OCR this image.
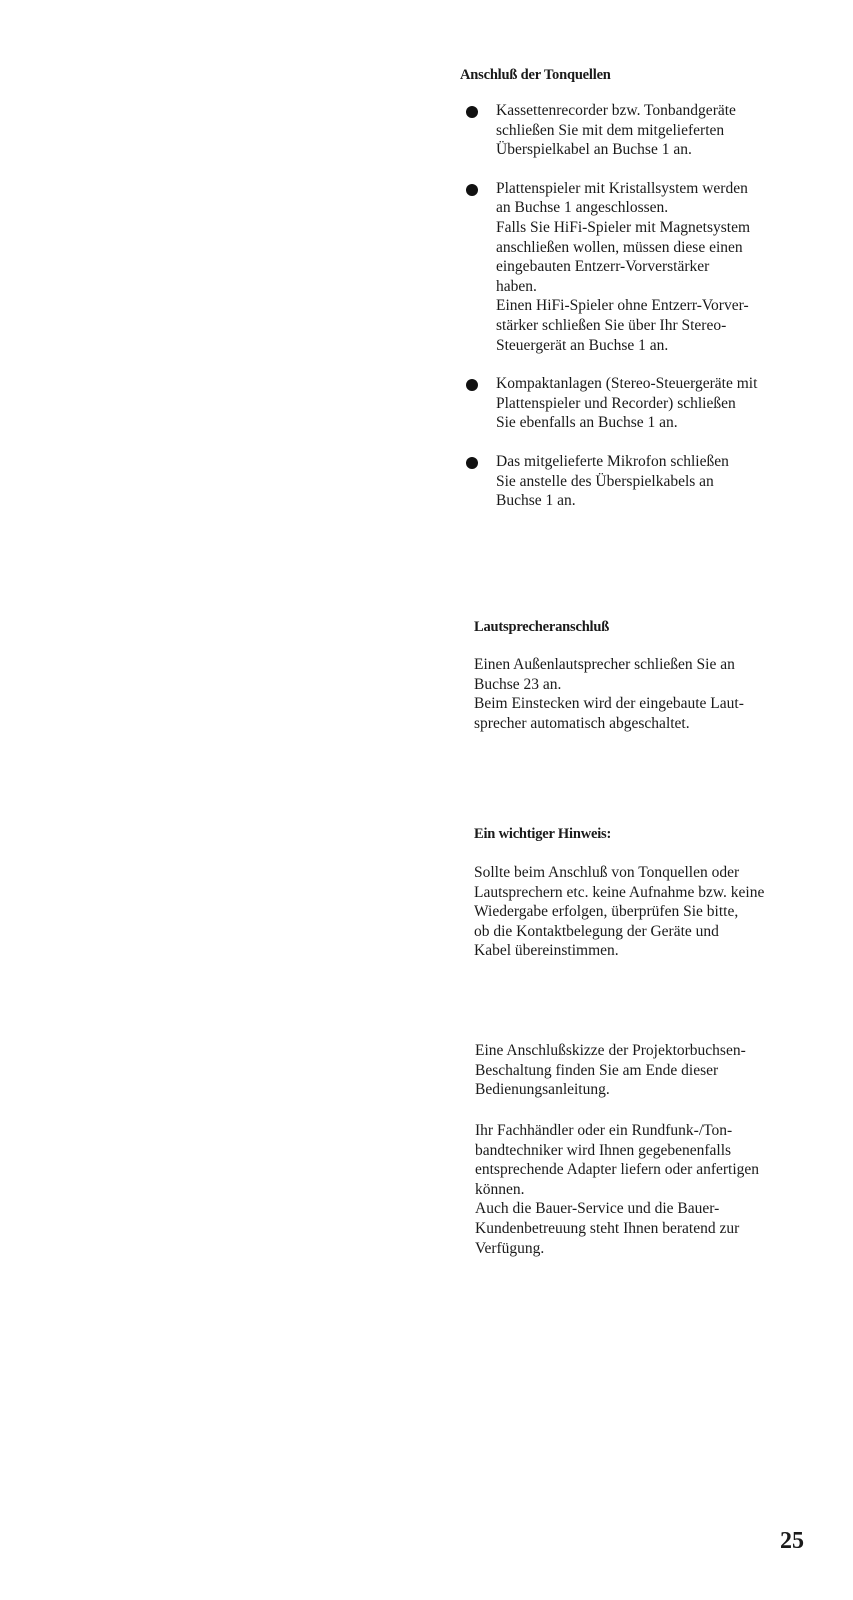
Anschluß der Tonquellen
Kassettenrecorder bzw. Tonbandgeräte
schließen Sie mit dem mitgelieferten
Überspielkabel an Buchse 1 an.
Plattenspieler mit Kristallsystem werden
an Buchse 1 angeschlossen.
Falls Sie HiFi-Spieler mit Magnetsystem
anschließen wollen, müssen diese einen
eingebauten Entzerr-Vorverstärker
haben.
Einen HiFi-Spieler ohne Entzerr-Vorver-
stärker schließen Sie über Ihr Stereo-
Steuergerät an Buchse 1 an.
Kompaktanlagen (Stereo-Steuergeräte mit
Plattenspieler und Recorder) schließen
Sie ebenfalls an Buchse 1 an.
Das mitgelieferte Mikrofon schließen
Sie anstelle des Überspielkabels an
Buchse 1 an.
Lautsprecheranschluß
Einen Außenlautsprecher schließen Sie an
Buchse 23 an.
Beim Einstecken wird der eingebaute Laut-
sprecher automatisch abgeschaltet.
Ein wichtiger Hinweis:
Sollte beim Anschluß von Tonquellen oder
Lautsprechern etc. keine Aufnahme bzw. keine
Wiedergabe erfolgen, überprüfen Sie bitte,
ob die Kontaktbelegung der Geräte und
Kabel übereinstimmen.
Eine Anschlußskizze der Projektorbuchsen-
Beschaltung finden Sie am Ende dieser
Bedienungsanleitung.
Ihr Fachhändler oder ein Rundfunk-/Ton-
bandtechniker wird Ihnen gegebenenfalls
entsprechende Adapter liefern oder anfertigen
können.
Auch die Bauer-Service und die Bauer-
Kundenbetreuung steht Ihnen beratend zur
Verfügung.

25
